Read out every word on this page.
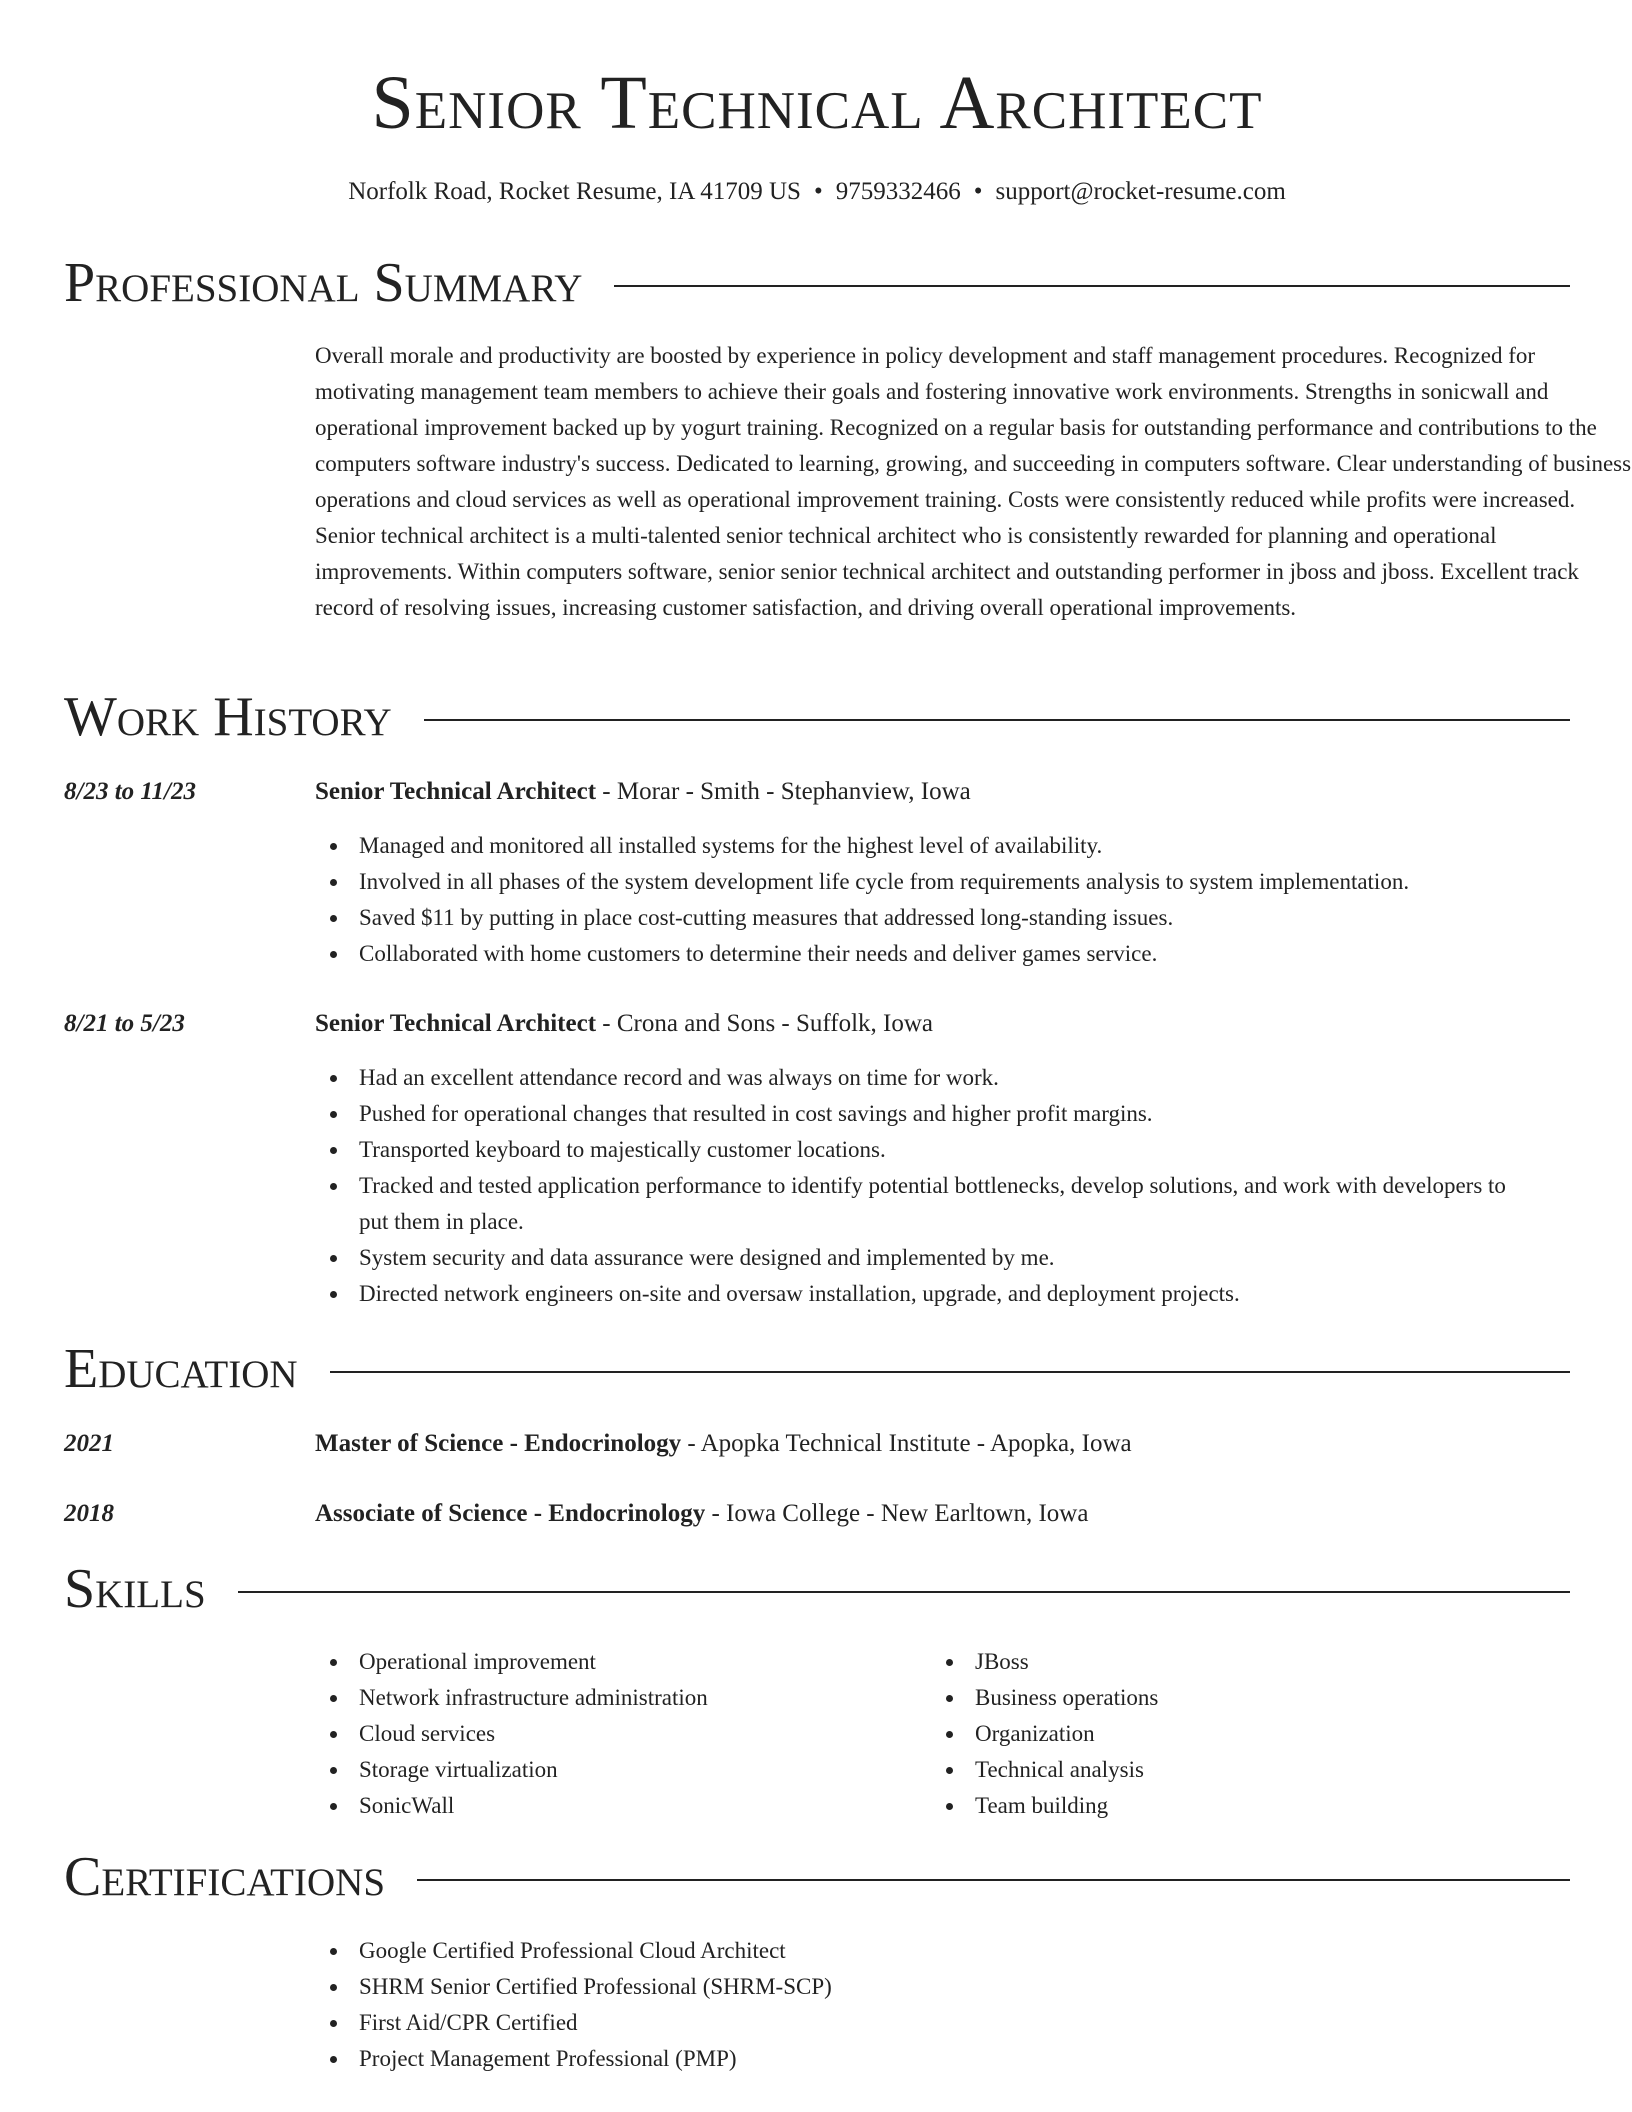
Senior Technical Architect
Norfolk Road, Rocket Resume, IA 41709 US • 9759332466 • support@rocket-resume.com
Professional Summary
Overall morale and productivity are boosted by experience in policy development and staff management procedures. Recognized for motivating management team members to achieve their goals and fostering innovative work environments. Strengths in sonicwall and operational improvement backed up by yogurt training. Recognized on a regular basis for outstanding performance and contributions to the computers software industry's success. Dedicated to learning, growing, and succeeding in computers software. Clear understanding of business operations and cloud services as well as operational improvement training. Costs were consistently reduced while profits were increased. Senior technical architect is a multi-talented senior technical architect who is consistently rewarded for planning and operational improvements. Within computers software, senior senior technical architect and outstanding performer in jboss and jboss. Excellent track record of resolving issues, increasing customer satisfaction, and driving overall operational improvements.
Work History
8/23 to 11/23	Senior Technical Architect - Morar - Smith - Stephanview, Iowa
Managed and monitored all installed systems for the highest level of availability.
Involved in all phases of the system development life cycle from requirements analysis to system implementation.
Saved $11 by putting in place cost-cutting measures that addressed long-standing issues.
Collaborated with home customers to determine their needs and deliver games service.
8/21 to 5/23	Senior Technical Architect - Crona and Sons - Suffolk, Iowa
Had an excellent attendance record and was always on time for work.
Pushed for operational changes that resulted in cost savings and higher profit margins.
Transported keyboard to majestically customer locations.
Tracked and tested application performance to identify potential bottlenecks, develop solutions, and work with developers to put them in place.
System security and data assurance were designed and implemented by me.
Directed network engineers on-site and oversaw installation, upgrade, and deployment projects.
Education
2021	Master of Science - Endocrinology - Apopka Technical Institute - Apopka, Iowa
2018	Associate of Science - Endocrinology - Iowa College - New Earltown, Iowa
Skills
Operational improvement
Network infrastructure administration
Cloud services
Storage virtualization
SonicWall
JBoss
Business operations
Organization
Technical analysis
Team building
Certifications
Google Certified Professional Cloud Architect
SHRM Senior Certified Professional (SHRM-SCP)
First Aid/CPR Certified
Project Management Professional (PMP)
